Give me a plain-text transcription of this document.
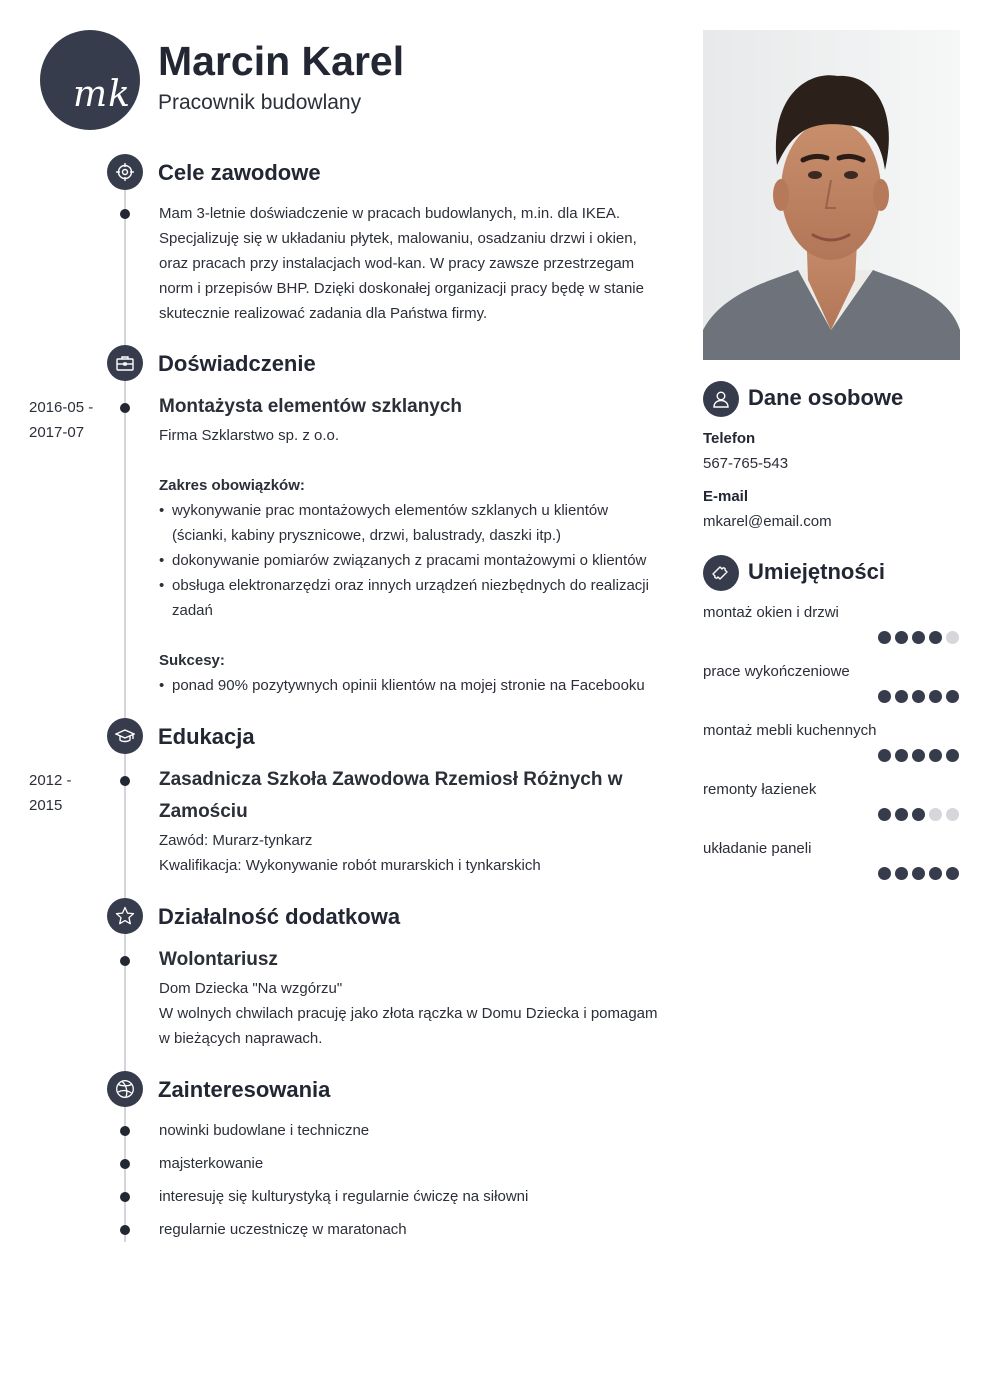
mk
Marcin Karel
Pracownik budowlany
Cele zawodowe
Mam 3-letnie doświadczenie w pracach budowlanych, m.in. dla IKEA.
Specjalizuję się w układaniu płytek, malowaniu, osadzaniu drzwi i okien,
oraz pracach przy instalacjach wod-kan. W pracy zawsze przestrzegam
norm i przepisów BHP. Dzięki doskonałej organizacji pracy będę w stanie
skutecznie realizować zadania dla Państwa firmy.
Doświadczenie
2016-05 -
2017-07
Montażysta elementów szklanych
Firma Szklarstwo sp. z o.o.
Zakres obowiązków:
• wykonywanie prac montażowych elementów szklanych u klientów (ścianki, kabiny prysznicowe, drzwi, balustrady, daszki itp.)
• dokonywanie pomiarów związanych z pracami montażowymi o klientów
• obsługa elektronarzędzi oraz innych urządzeń niezbędnych do realizacji zadań
Sukcesy:
• ponad 90% pozytywnych opinii klientów na mojej stronie na Facebooku
Edukacja
2012 -
2015
Zasadnicza Szkoła Zawodowa Rzemiosł Różnych w Zamościu
Zawód: Murarz-tynkarz
Kwalifikacja: Wykonywanie robót murarskich i tynkarskich
Działalność dodatkowa
Wolontariusz
Dom Dziecka "Na wzgórzu"
W wolnych chwilach pracuję jako złota rączka w Domu Dziecka i pomagam w bieżących naprawach.
Zainteresowania
nowinki budowlane i techniczne
majsterkowanie
interesuję się kulturystyką i regularnie ćwiczę na siłowni
regularnie uczestniczę w maratonach
Dane osobowe
Telefon
567-765-543
E-mail
mkarel@email.com
Umiejętności
montaż okien i drzwi
prace wykończeniowe
montaż mebli kuchennych
remonty łazienek
układanie paneli
